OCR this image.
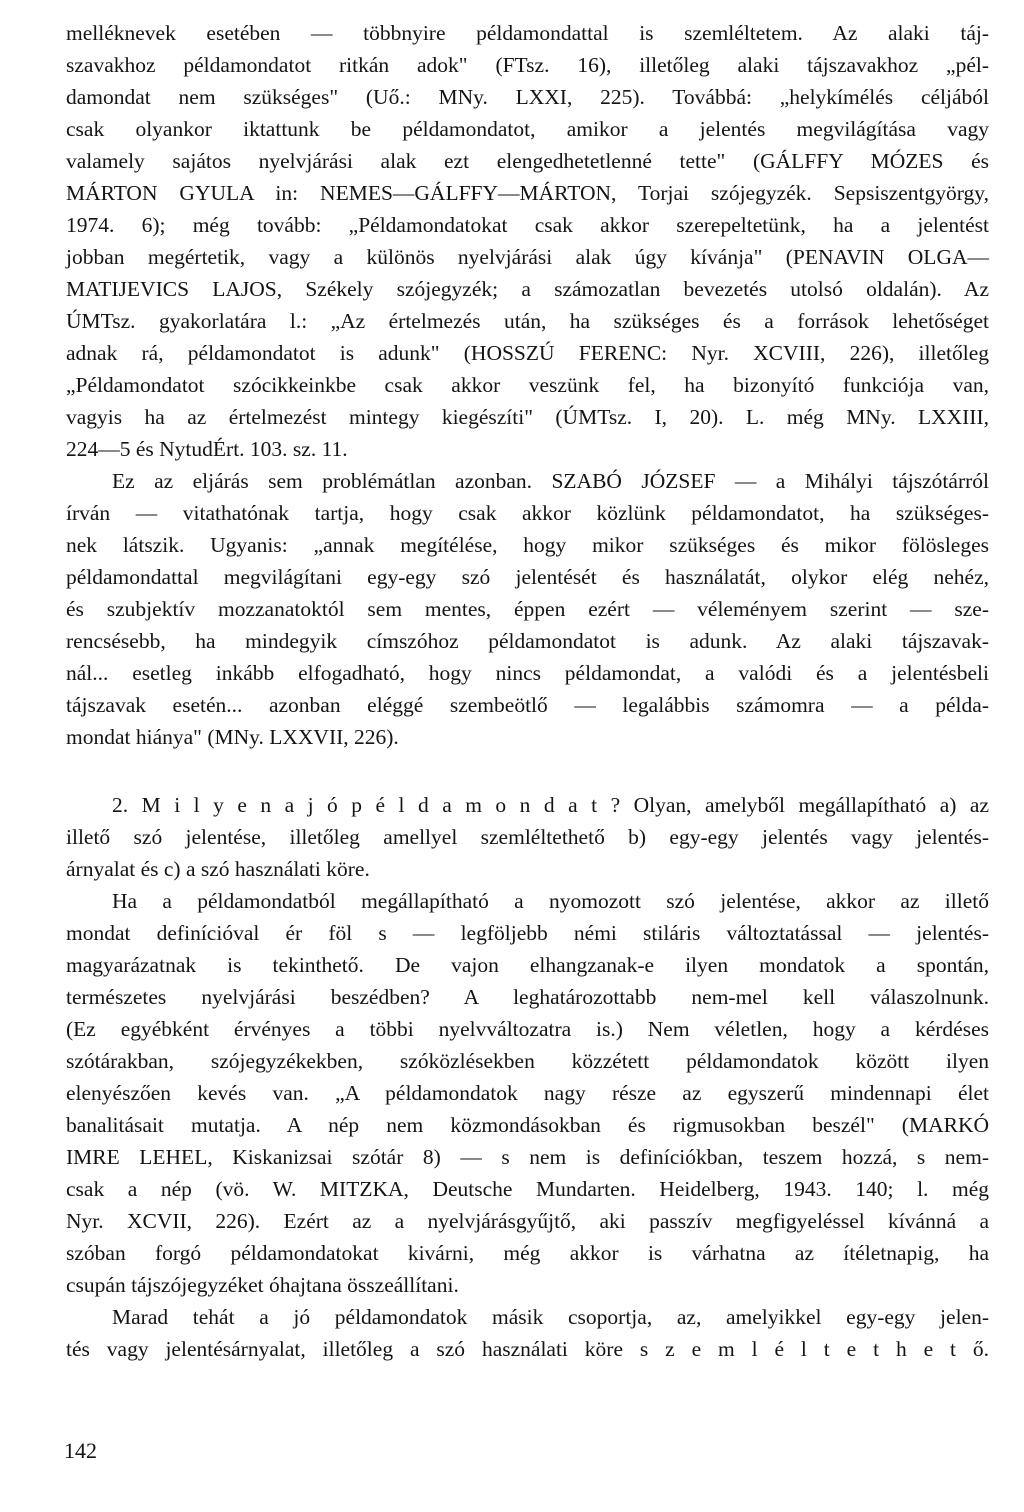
melléknevek esetében — többnyire példamondattal is szemléltetem. Az alaki táj-
szavakhoz példamondatot ritkán adok" (FTsz. 16), illetőleg alaki tájszavakhoz „pél-
damondat nem szükséges" (Uő.: MNy. LXXI, 225). Továbbá: „helykímélés céljából
csak olyankor iktattunk be példamondatot, amikor a jelentés megvilágítása vagy
valamely sajátos nyelvjárási alak ezt elengedhetetlenné tette" (GÁLFFY MÓZES és
MÁRTON GYULA in: NEMES—GÁLFFY—MÁRTON, Torjai szójegyzék. Sepsiszentgyörgy,
1974. 6); még tovább: „Példamondatokat csak akkor szerepeltetünk, ha a jelentést
jobban megértetik, vagy a különös nyelvjárási alak úgy kívánja" (PENAVIN OLGA—
MATIJEVICS LAJOS, Székely szójegyzék; a számozatlan bevezetés utolsó oldalán). Az
ÚMTsz. gyakorlatára l.: „Az értelmezés után, ha szükséges és a források lehetőséget
adnak rá, példamondatot is adunk" (HOSSZÚ FERENC: Nyr. XCVIII, 226), illetőleg
„Példamondatot szócikkeinkbe csak akkor veszünk fel, ha bizonyító funkciója van,
vagyis ha az értelmezést mintegy kiegészíti" (ÚMTsz. I, 20). L. még MNy. LXXIII,
224—5 és NytudÉrt. 103. sz. 11.
Ez az eljárás sem problémátlan azonban. SZABÓ JÓZSEF — a Mihályi tájszótárról
írván — vitathatónak tartja, hogy csak akkor közlünk példamondatot, ha szükséges-
nek látszik. Ugyanis: „annak megítélése, hogy mikor szükséges és mikor fölösleges
példamondattal megvilágítani egy-egy szó jelentését és használatát, olykor elég nehéz,
és szubjektív mozzanatoktól sem mentes, éppen ezért — véleményem szerint — sze-
rencsésebb, ha mindegyik címszóhoz példamondatot is adunk. Az alaki tájszavak-
nál... esetleg inkább elfogadható, hogy nincs példamondat, a valódi és a jelentésbeli
tájszavak esetén... azonban eléggé szembeötlő — legalábbis számomra — a példa-
mondat hiánya" (MNy. LXXVII, 226).
2. M i l y e n a j ó p é l d a m o n d a t ? Olyan, amelyből megállapítható a) az
illető szó jelentése, illetőleg amellyel szemléltethető b) egy-egy jelentés vagy jelentés-
árnyalat és c) a szó használati köre.
Ha a példamondatból megállapítható a nyomozott szó jelentése, akkor az illető
mondat definícióval ér föl s — legföljebb némi stiláris változtatással — jelentés-
magyarázatnak is tekinthető. De vajon elhangzanak-e ilyen mondatok a spontán,
természetes nyelvjárási beszédben? A leghatározottabb nem-mel kell válaszolnunk.
(Ez egyébként érvényes a többi nyelvváltozatra is.) Nem véletlen, hogy a kérdéses
szótárakban, szójegyzékekben, szóközlésekben közzétett példamondatok között ilyen
elenyészően kevés van. „A példamondatok nagy része az egyszerű mindennapi élet
banalitásait mutatja. A nép nem közmondásokban és rigmusokban beszél" (MARKÓ
IMRE LEHEL, Kiskanizsai szótár 8) — s nem is definíciókban, teszem hozzá, s nem-
csak a nép (vö. W. MITZKA, Deutsche Mundarten. Heidelberg, 1943. 140; l. még
Nyr. XCVII, 226). Ezért az a nyelvjárásgyűjtő, aki passzív megfigyeléssel kívánná a
szóban forgó példamondatokat kivárni, még akkor is várhatna az ítéletnapig, ha
csupán tájszójegyzéket óhajtana összeállítani.
Marad tehát a jó példamondatok másik csoportja, az, amelyikkel egy-egy jelen-
tés vagy jelentésárnyalat, illetőleg a szó használati köre s z e m l é l t e t h e t ő.
142
